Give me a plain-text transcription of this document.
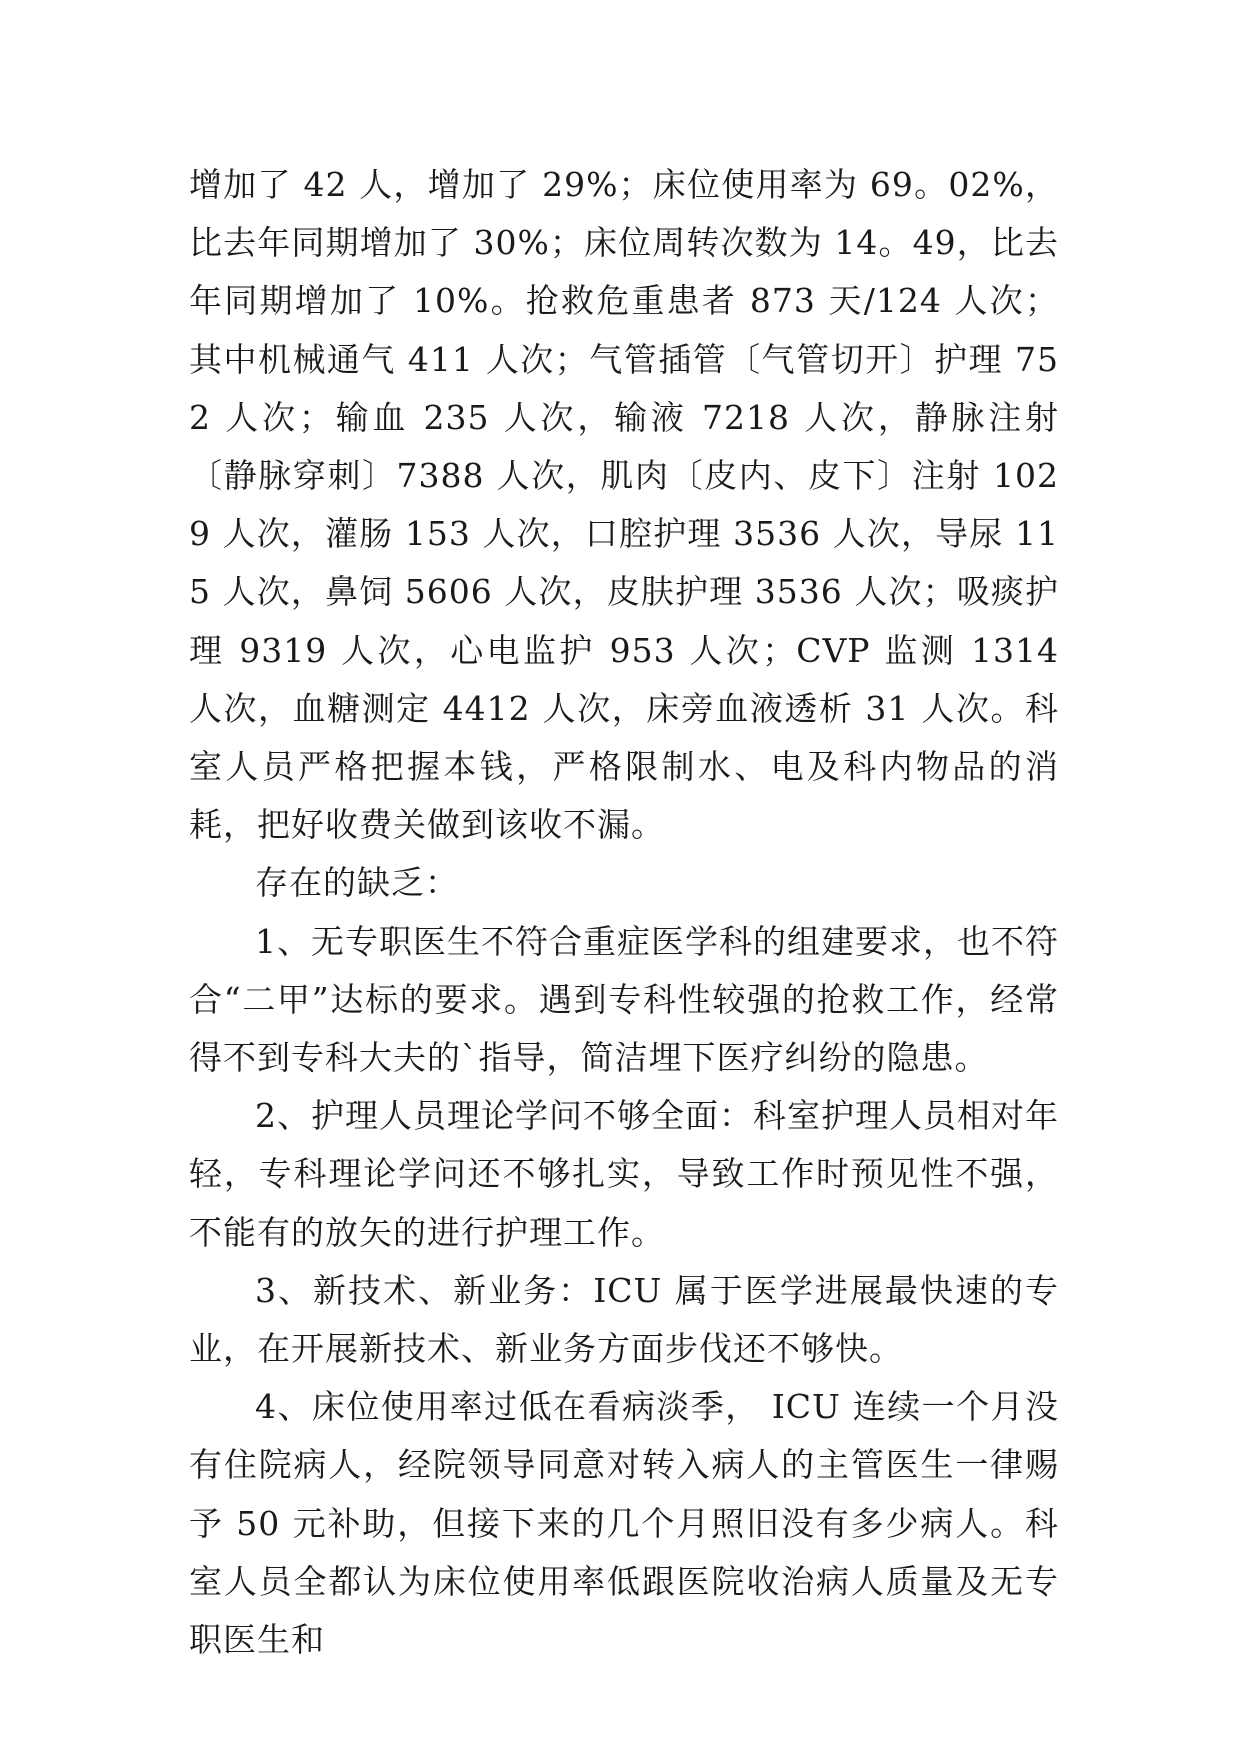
增加了 42 人，增加了 29%；床位使用率为 69。02%，比去年同期增加了 30%；床位周转次数为 14。49，比去年同期增加了 10%。抢救危重患者 873 天/124 人次；其中机械通气 411 人次；气管插管〔气管切开〕护理 752 人次；输血 235 人次，输液 7218 人次，静脉注射〔静脉穿刺〕7388 人次，肌肉〔皮内、皮下〕注射 1029 人次，灌肠 153 人次，口腔护理 3536 人次，导尿 115 人次，鼻饲 5606 人次，皮肤护理 3536 人次；吸痰护理 9319 人次，心电监护 953 人次；CVP 监测 1314 人次，血糖测定 4412 人次，床旁血液透析 31 人次。科室人员严格把握本钱，严格限制水、电及科内物品的消耗，把好收费关做到该收不漏。

存在的缺乏：

1、无专职医生不符合重症医学科的组建要求，也不符合“二甲”达标的要求。遇到专科性较强的抢救工作，经常得不到专科大夫的`指导，简洁埋下医疗纠纷的隐患。

2、护理人员理论学问不够全面：科室护理人员相对年轻，专科理论学问还不够扎实，导致工作时预见性不强，不能有的放矢的进行护理工作。

3、新技术、新业务：ICU 属于医学进展最快速的专业，在开展新技术、新业务方面步伐还不够快。

4、床位使用率过低在看病淡季， ICU 连续一个月没有住院病人，经院领导同意对转入病人的主管医生一律赐予 50 元补助，但接下来的几个月照旧没有多少病人。科室人员全都认为床位使用率低跟医院收治病人质量及无专职医生和
